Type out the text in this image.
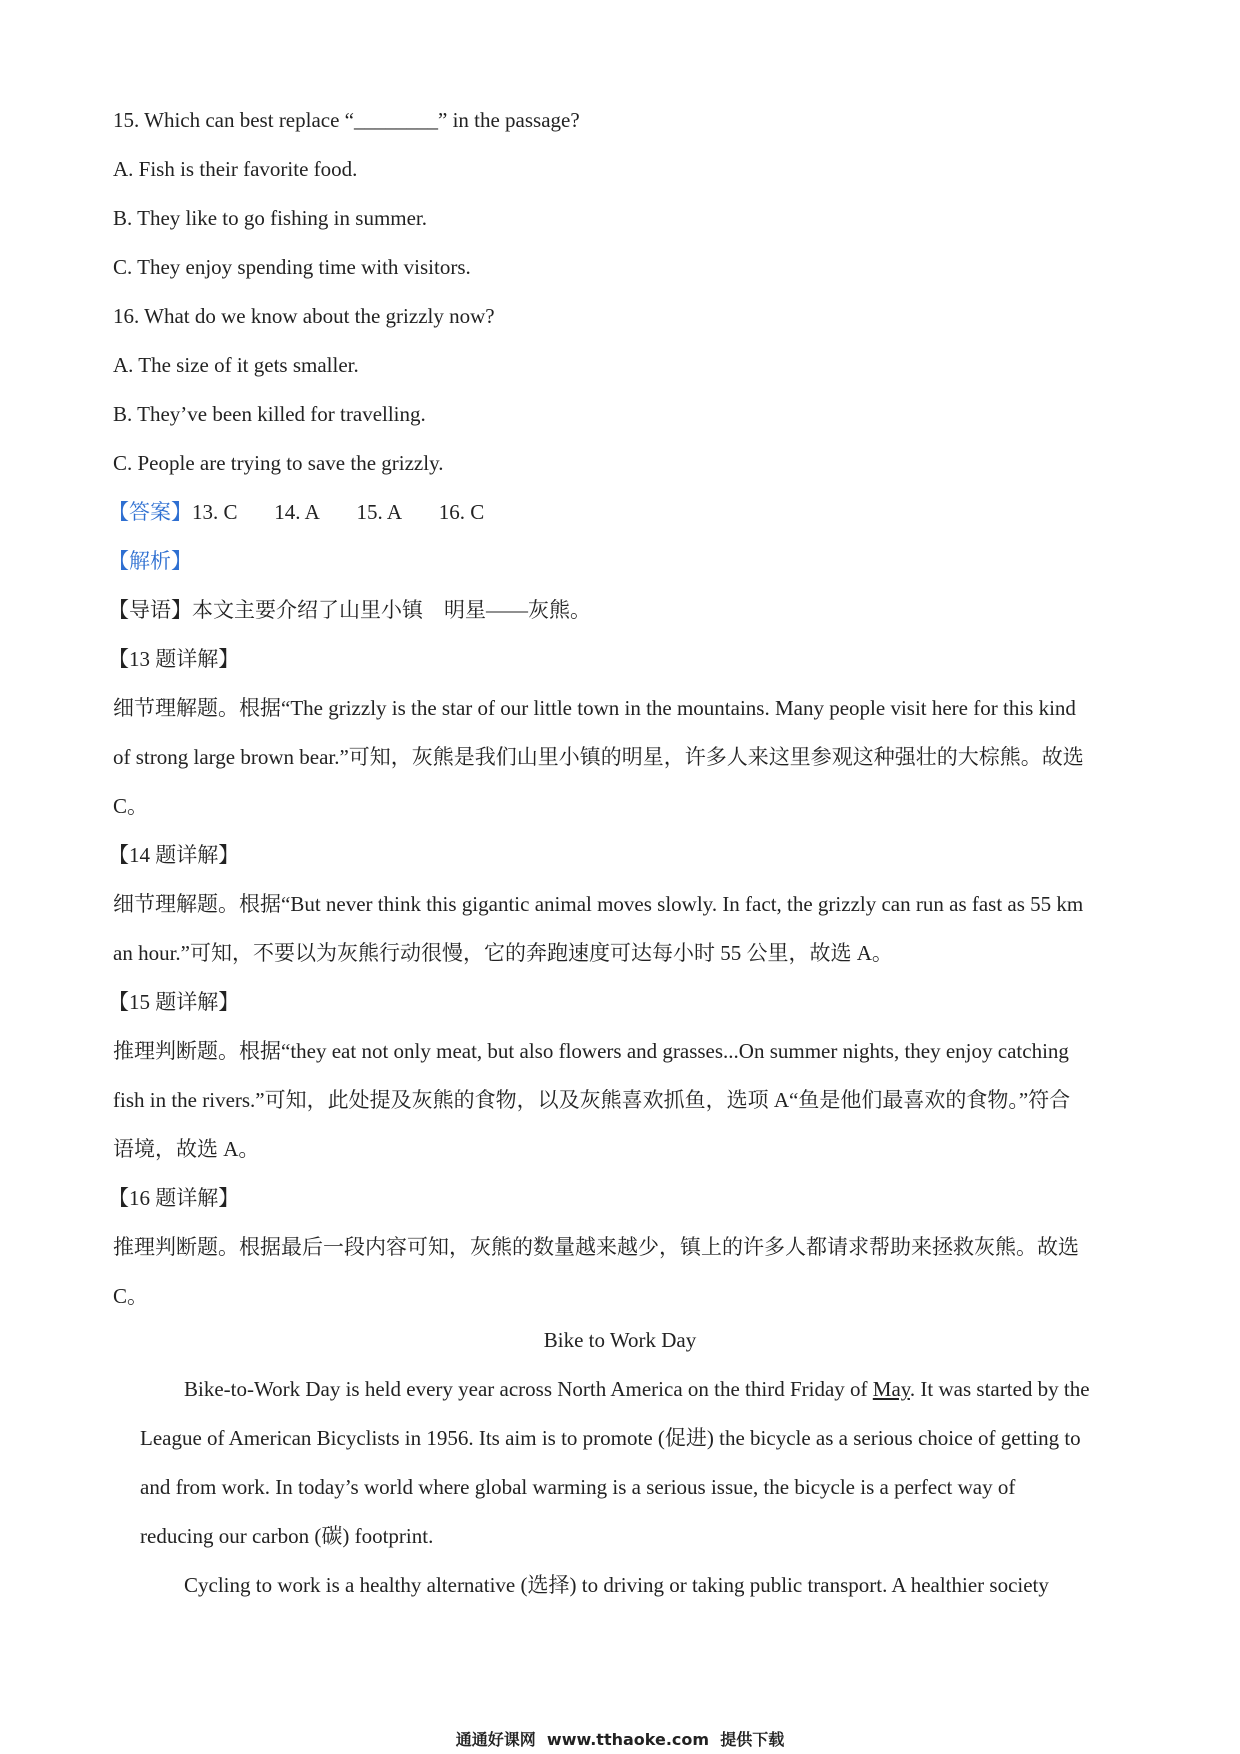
15. Which can best replace “________” in the passage?
A. Fish is their favorite food.
B. They like to go fishing in summer.
C. They enjoy spending time with visitors.
16. What do we know about the grizzly now?
A. The size of it gets smaller.
B. They’ve been killed for travelling.
C. People are trying to save the grizzly.
【答案】13. C       14. A       15. A       16. C
【解析】
【导语】本文主要介绍了山里小镇    明星——灰熊。
【13 题详解】
细节理解题。根据“The grizzly is the star of our little town in the mountains. Many people visit here for this kind
of strong large brown bear.”可知，灰熊是我们山里小镇的明星，许多人来这里参观这种强壮的大棕熊。故选
C。
【14 题详解】
细节理解题。根据“But never think this gigantic animal moves slowly. In fact, the grizzly can run as fast as 55 km
an hour.”可知，不要以为灰熊行动很慢，它的奔跑速度可达每小时 55 公里，故选 A。
【15 题详解】
推理判断题。根据“they eat not only meat, but also flowers and grasses...On summer nights, they enjoy catching
fish in the rivers.”可知，此处提及灰熊的食物，以及灰熊喜欢抓鱼，选项 A“鱼是他们最喜欢的食物。”符合
语境，故选 A。
【16 题详解】
推理判断题。根据最后一段内容可知，灰熊的数量越来越少，镇上的许多人都请求帮助来拯救灰熊。故选
C。
Bike to Work Day
Bike-to-Work Day is held every year across North America on the third Friday of May. It was started by the
League of American Bicyclists in 1956. Its aim is to promote (促进) the bicycle as a serious choice of getting to
and from work. In today’s world where global warming is a serious issue, the bicycle is a perfect way of
reducing our carbon (碳) footprint.
Cycling to work is a healthy alternative (选择) to driving or taking public transport. A healthier society
通通好课网  www.tthaoke.com  提供下载
